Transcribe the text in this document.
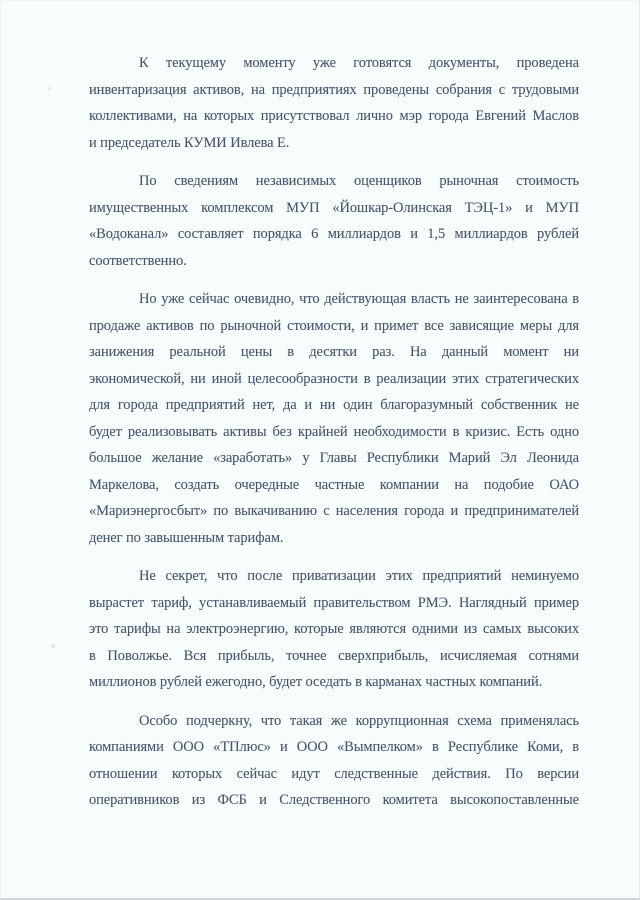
К текущему моменту уже готовятся документы, проведена
инвентаризация активов, на предприятиях проведены собрания с трудовыми
коллективами, на которых присутствовал лично мэр города Евгений Маслов
и председатель КУМИ Ивлева Е.
По сведениям независимых оценщиков рыночная стоимость
имущественных комплексом МУП «Йошкар-Олинская ТЭЦ-1» и МУП
«Водоканал» составляет порядка 6 миллиардов и 1,5 миллиардов рублей
соответственно.
Но уже сейчас очевидно, что действующая власть не заинтересована в
продаже активов по рыночной стоимости, и примет все зависящие меры для
занижения реальной цены в десятки раз. На данный момент ни
экономической, ни иной целесообразности в реализации этих стратегических
для города предприятий нет, да и ни один благоразумный собственник не
будет реализовывать активы без крайней необходимости в кризис. Есть одно
большое желание «заработать» у Главы Республики Марий Эл Леонида
Маркелова, создать очередные частные компании на подобие ОАО
«Мариэнергосбыт» по выкачиванию с населения города и предпринимателей
денег по завышенным тарифам.
Не секрет, что после приватизации этих предприятий неминуемо
вырастет тариф, устанавливаемый правительством РМЭ. Наглядный пример
это тарифы на электроэнергию, которые являются одними из самых высоких
в Поволжье. Вся прибыль, точнее сверхприбыль, исчисляемая сотнями
миллионов рублей ежегодно, будет оседать в карманах частных компаний.
Особо подчеркну, что такая же коррупционная схема применялась
компаниями ООО «ТПлюс» и ООО «Вымпелком» в Республике Коми, в
отношении которых сейчас идут следственные действия. По версии
оперативников из ФСБ и Следственного комитета высокопоставленные
